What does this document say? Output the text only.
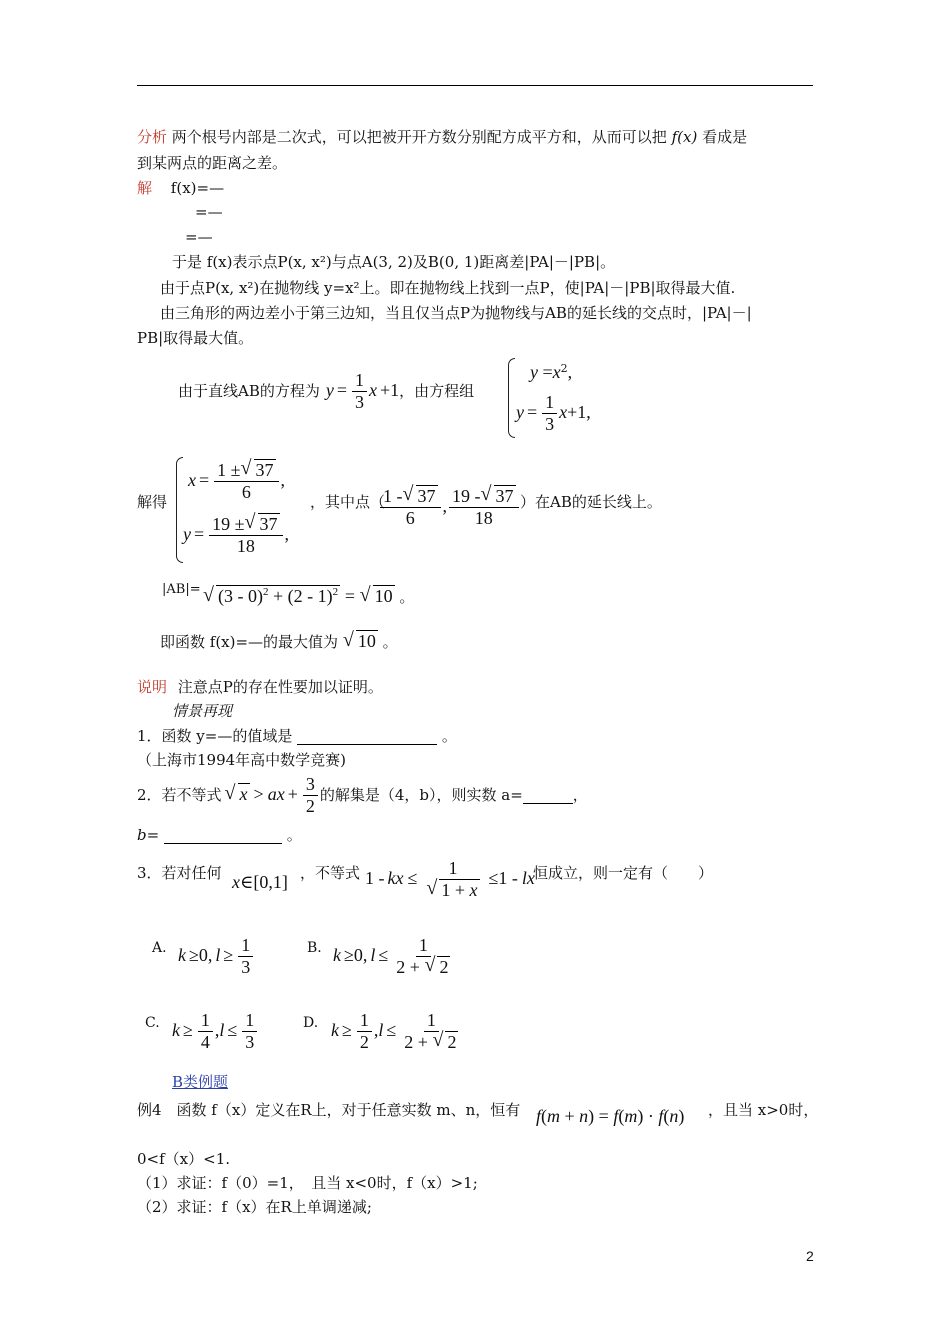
分析 两个根号内部是二次式，可以把被开开方数分别配方成平方和，从而可以把 f(x) 看成是
到某两点的距离之差。
解 f(x)=—
=—
=—
于是 f(x)表示点P(x, x²)与点A(3, 2)及B(0, 1)距离差|PA|－|PB|。
由于点P(x, x²)在抛物线 y=x²上。即在抛物线上找到一点P，使|PA|－|PB|取得最大值.
由三角形的两边差小于第三边知，当且仅当点P为抛物线与AB的延长线的交点时，|PA|－|
PB|取得最大值。
由于直线AB的方程为 $y = \frac{1}{3}$ x +1 ，由方程组
$y =x^2$,
$y = \frac{1}{3}$ x +1,
解得
$x = \frac{1 \pm √ 37}{6}$ ,
$y = \frac{19 \pm √ 37}{18}$ ,
，其中点（
$\frac{1 - √ 37}{6}$ , $\frac{19 - √ 37}{18}$ ）在AB的延长线上。
|AB|= √ (3 - 0)$^2$ + (2 - 1)$^2$ = √ 10 。
即函数 f(x)=—的最大值为 √ 10 。
说明 注意点P的存在性要加以证明。
情景再现
1．函数 y=—的值域是	。
（上海市1994年高中数学竞赛)
2．若不等式 √ x > ax + $\frac{3}{2}$ 的解集是（4，b），则实数 a=	，
b=	。
3．若对任何 x∈[0,1] ，不等式 1 - kx ≤ $\frac{1}{√ 1 + x} \le 1$ - lx
恒成立，则一定有（　　）
A. k ≥0, $l \ge \frac{1}{3}$	B. k ≥0, $l \le \frac{1}{2 + √ 2}$
C. $k \ge \frac{1}{4}$ , $l \le \frac{1}{3}$	D. $k \ge \frac{1}{2}$ , $l \le \frac{1}{2 + √ 2}$
B类例题
例4　函数 f（x）定义在R上，对于任意实数 m、n，恒有 f(m + n) = f(m) · f(n) ，且当 x>0时，
0<f（x）<1.
（1）求证：f（0）=1，　且当 x<0时，f（x）>1;
（2）求证：f（x）在R上单调递减;
2
